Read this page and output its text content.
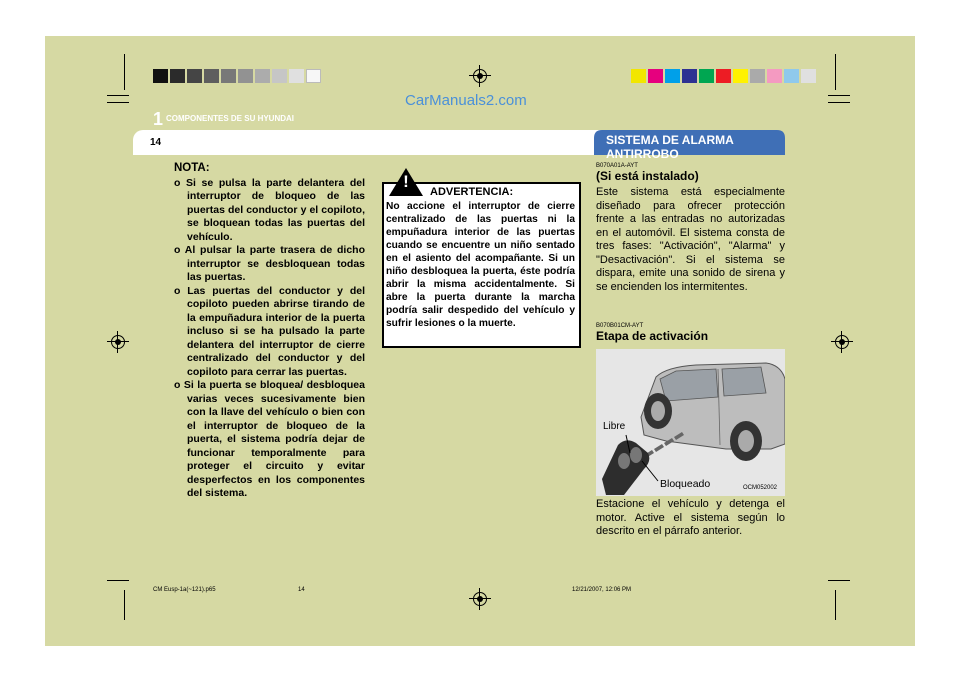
CarManuals2.com
1 COMPONENTES DE SU HYUNDAI
14	SISTEMA DE ALARMA ANTIRROBO
NOTA:
o Si se pulsa la parte delantera del interruptor de bloqueo de las puertas del conductor y el copiloto, se bloquean todas las puertas del vehículo.
o Al pulsar la parte trasera de dicho interruptor se desbloquean todas las puertas.
o Las puertas del conductor y del copiloto pueden abrirse tirando de la empuñadura interior de la puerta incluso si se ha pulsado la parte delantera del interruptor de cierre centralizado del conductor y del copiloto para cerrar las puertas.
o Si la puerta se bloquea/ desbloquea varias veces sucesivamente bien con la llave del vehículo o bien con el interruptor de bloqueo de la puerta, el sistema podría dejar de funcionar temporalmente para proteger el circuito y evitar desperfectos en los componentes del sistema.
!
ADVERTENCIA:
No accione el interruptor de cierre centralizado de las puertas ni la empuñadura interior de las puertas cuando se encuentre un niño sentado en el asiento del acompañante. Si un niño desbloquea la puerta, éste podría abrir la misma accidentalmente. Si abre la puerta durante la marcha podría salir despedido del vehículo y sufrir lesiones o la muerte.
B070A01A-AYT
(Si está instalado)
Este sistema está especialmente diseñado para ofrecer protección frente a las entradas no autorizadas en el automóvil. El sistema consta de tres fases: "Activación", "Alarma" y "Desactivación". Si el sistema se dispara, emite una sonido de sirena y se encienden los intermitentes.
B070B01CM-AYT
Etapa de activación
Libre
Bloqueado	OCM052002
Estacione el vehículo y detenga el motor. Active el sistema según lo descrito en el párrafo anterior.
CM Eusp-1a(~121).p65	14	12/21/2007, 12:06 PM
